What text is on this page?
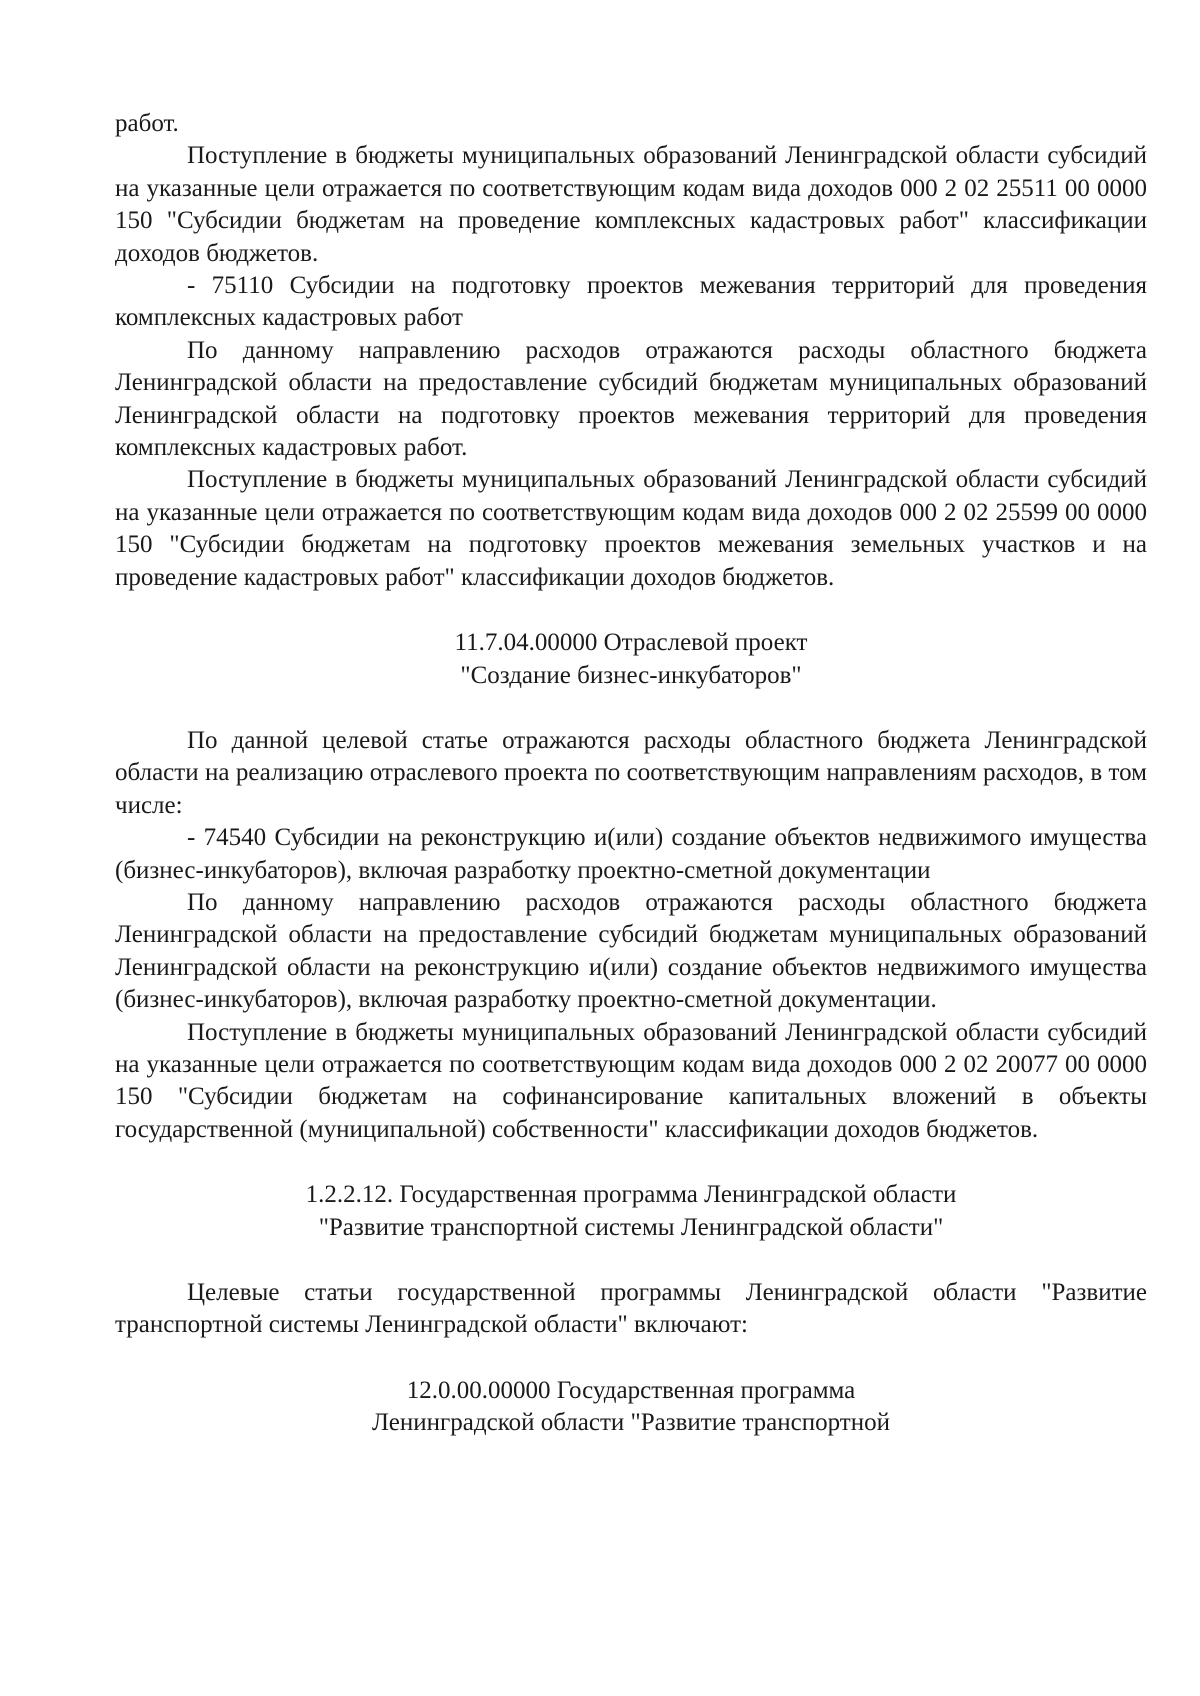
работ.

Поступление в бюджеты муниципальных образований Ленинградской области субсидий на указанные цели отражается по соответствующим кодам вида доходов 000 2 02 25511 00 0000 150 "Субсидии бюджетам на проведение комплексных кадастровых работ" классификации доходов бюджетов.

- 75110 Субсидии на подготовку проектов межевания территорий для проведения комплексных кадастровых работ

По данному направлению расходов отражаются расходы областного бюджета Ленинградской области на предоставление субсидий бюджетам муниципальных образований Ленинградской области на подготовку проектов межевания территорий для проведения комплексных кадастровых работ.

Поступление в бюджеты муниципальных образований Ленинградской области субсидий на указанные цели отражается по соответствующим кодам вида доходов 000 2 02 25599 00 0000 150 "Субсидии бюджетам на подготовку проектов межевания земельных участков и на проведение кадастровых работ" классификации доходов бюджетов.

11.7.04.00000 Отраслевой проект
"Создание бизнес-инкубаторов"

По данной целевой статье отражаются расходы областного бюджета Ленинградской области на реализацию отраслевого проекта по соответствующим направлениям расходов, в том числе:

- 74540 Субсидии на реконструкцию и(или) создание объектов недвижимого имущества (бизнес-инкубаторов), включая разработку проектно-сметной документации

По данному направлению расходов отражаются расходы областного бюджета Ленинградской области на предоставление субсидий бюджетам муниципальных образований Ленинградской области на реконструкцию и(или) создание объектов недвижимого имущества (бизнес-инкубаторов), включая разработку проектно-сметной документации.

Поступление в бюджеты муниципальных образований Ленинградской области субсидий на указанные цели отражается по соответствующим кодам вида доходов 000 2 02 20077 00 0000 150 "Субсидии бюджетам на софинансирование капитальных вложений в объекты государственной (муниципальной) собственности" классификации доходов бюджетов.

1.2.2.12. Государственная программа Ленинградской области
"Развитие транспортной системы Ленинградской области"

Целевые статьи государственной программы Ленинградской области "Развитие транспортной системы Ленинградской области" включают:

12.0.00.00000 Государственная программа
Ленинградской области "Развитие транспортной
